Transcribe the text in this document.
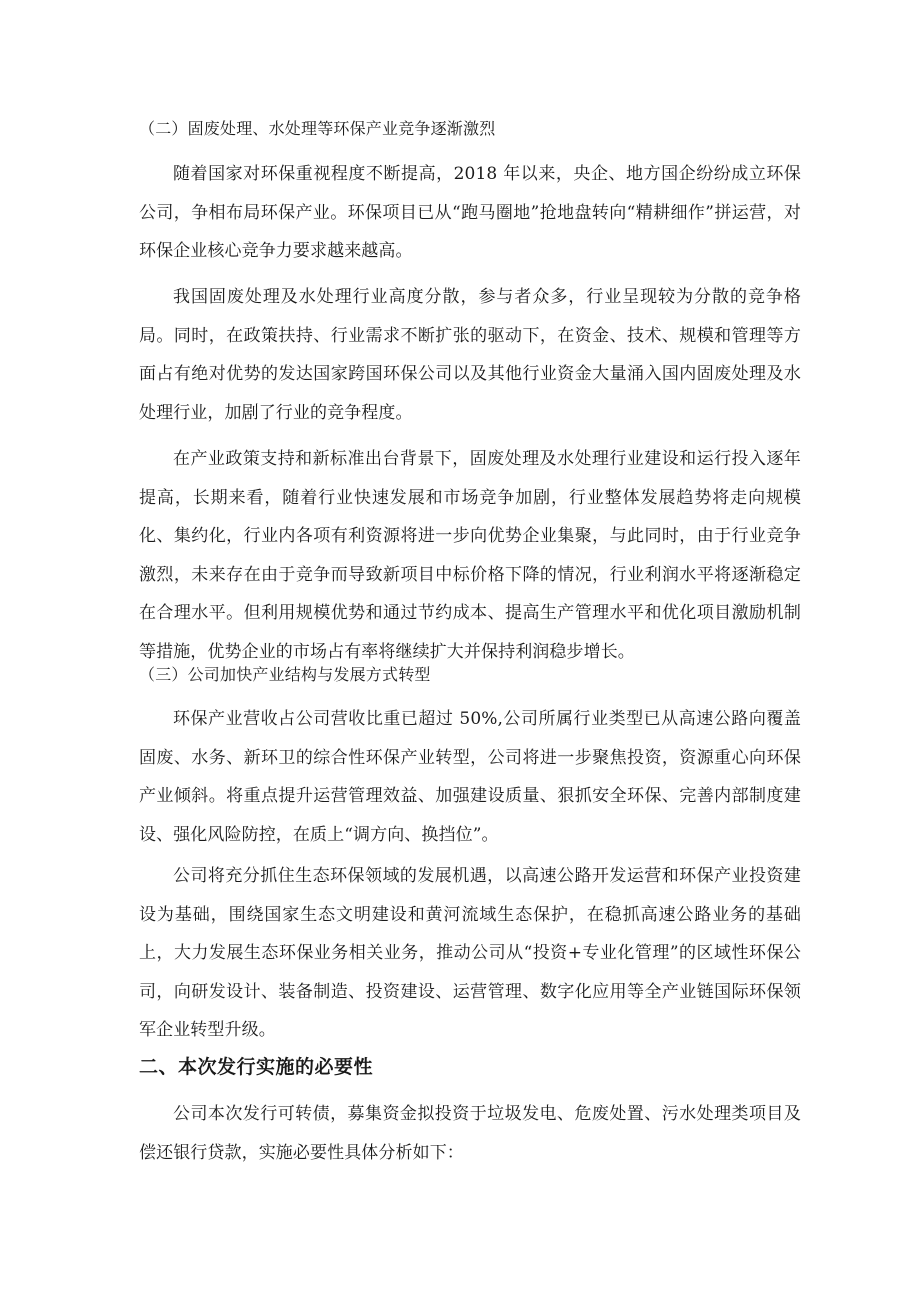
（二）固废处理、水处理等环保产业竞争逐渐激烈
随着国家对环保重视程度不断提高，2018 年以来，央企、地方国企纷纷成立环保公司，争相布局环保产业。环保项目已从“跑马圈地”抢地盘转向“精耕细作”拼运营，对环保企业核心竞争力要求越来越高。
我国固废处理及水处理行业高度分散，参与者众多，行业呈现较为分散的竞争格局。同时，在政策扶持、行业需求不断扩张的驱动下，在资金、技术、规模和管理等方面占有绝对优势的发达国家跨国环保公司以及其他行业资金大量涌入国内固废处理及水处理行业，加剧了行业的竞争程度。
在产业政策支持和新标准出台背景下，固废处理及水处理行业建设和运行投入逐年提高，长期来看，随着行业快速发展和市场竞争加剧，行业整体发展趋势将走向规模化、集约化，行业内各项有利资源将进一步向优势企业集聚，与此同时，由于行业竞争激烈，未来存在由于竞争而导致新项目中标价格下降的情况，行业利润水平将逐渐稳定在合理水平。但利用规模优势和通过节约成本、提高生产管理水平和优化项目激励机制等措施，优势企业的市场占有率将继续扩大并保持利润稳步增长。
（三）公司加快产业结构与发展方式转型
环保产业营收占公司营收比重已超过 50%,公司所属行业类型已从高速公路向覆盖固废、水务、新环卫的综合性环保产业转型，公司将进一步聚焦投资，资源重心向环保产业倾斜。将重点提升运营管理效益、加强建设质量、狠抓安全环保、完善内部制度建设、强化风险防控，在质上“调方向、换挡位”。
公司将充分抓住生态环保领域的发展机遇，以高速公路开发运营和环保产业投资建设为基础，围绕国家生态文明建设和黄河流域生态保护，在稳抓高速公路业务的基础上，大力发展生态环保业务相关业务，推动公司从“投资+专业化管理”的区域性环保公司，向研发设计、装备制造、投资建设、运营管理、数字化应用等全产业链国际环保领军企业转型升级。
二、本次发行实施的必要性
公司本次发行可转债，募集资金拟投资于垃圾发电、危废处置、污水处理类项目及偿还银行贷款，实施必要性具体分析如下：
